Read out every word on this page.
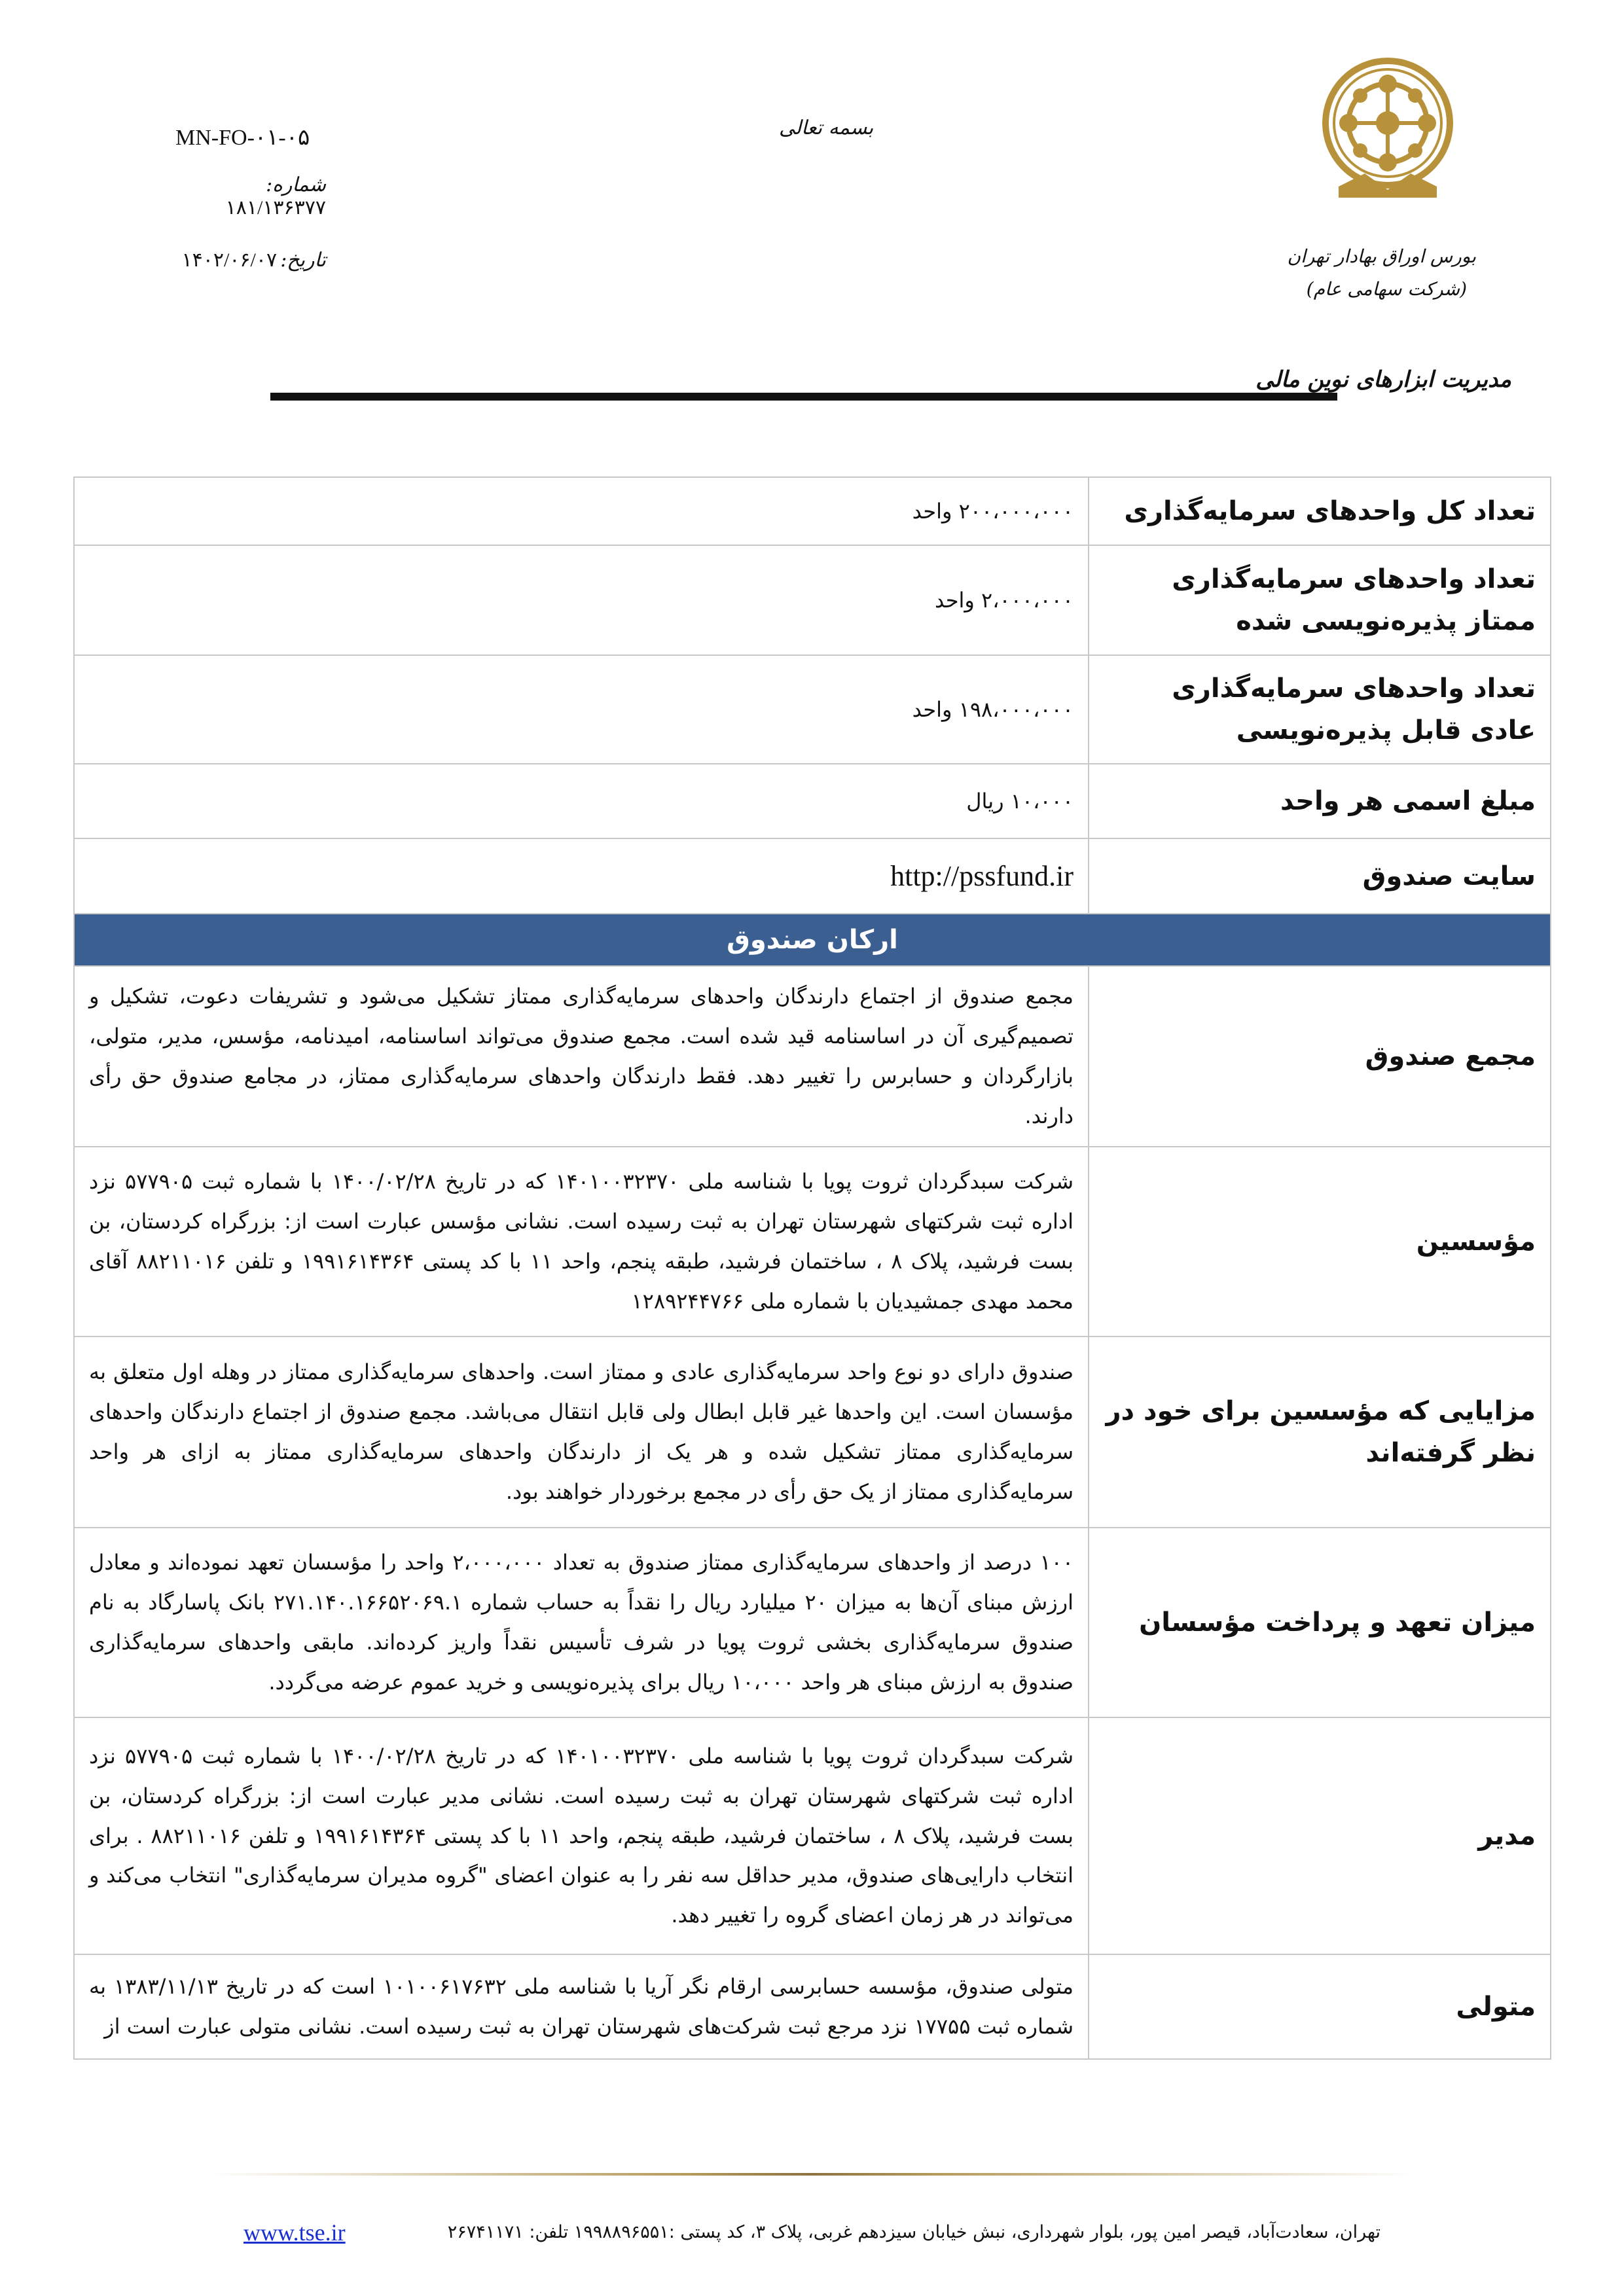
بسمه تعالی
MN-FO-۰۱-۰۵
شماره: ۱۸۱/۱۳۶۳۷۷
تاریخ: ۱۴۰۲/۰۶/۰۷	بورس اوراق بهادار تهران
(شرکت سهامی عام)
مدیریت ابزارهای نوین مالی
تعداد کل واحدهای سرمایه‌گذاری	۲۰۰،۰۰۰،۰۰۰ واحد
تعداد واحدهای سرمایه‌گذاری ممتاز پذیره‌نویسی شده	۲،۰۰۰،۰۰۰ واحد
تعداد واحدهای سرمایه‌گذاری عادی قابل پذیره‌نویسی	۱۹۸،۰۰۰،۰۰۰ واحد
مبلغ اسمی هر واحد	۱۰،۰۰۰ ریال
سایت صندوق	http://pssfund.ir
ارکان صندوق	
مجمع صندوق	مجمع صندوق از اجتماع دارندگان واحدهای سرمایه‌گذاری ممتاز تشکیل می‌شود و تشریفات دعوت، تشکیل و تصمیم‌گیری آن در اساسنامه قید شده است. مجمع صندوق می‌تواند اساسنامه، امیدنامه، مؤسس، مدیر، متولی، بازارگردان و حسابرس را تغییر دهد. فقط دارندگان واحدهای سرمایه‌گذاری ممتاز، در مجامع صندوق حق رأی دارند.
مؤسسین	شرکت سبدگردان ثروت پویا با شناسه ملی ۱۴۰۱۰۰۳۲۳۷۰ که در تاریخ ۱۴۰۰/۰۲/۲۸ با شماره ثبت ۵۷۷۹۰۵ نزد اداره ثبت شرکتهای شهرستان تهران به ثبت رسیده است. نشانی مؤسس عبارت است از: بزرگراه کردستان، بن بست فرشید، پلاک ۸ ، ساختمان فرشید، طبقه پنجم، واحد ۱۱ با کد پستی ۱۹۹۱۶۱۴۳۶۴ و تلفن ۸۸۲۱۱۰۱۶ آقای محمد مهدی جمشیدیان با شماره ملی ۱۲۸۹۲۴۴۷۶۶
مزایایی که مؤسسین برای خود در نظر گرفته‌اند	صندوق دارای دو نوع واحد سرمایه‌گذاری عادی و ممتاز است. واحدهای سرمایه‌گذاری ممتاز در وهله اول متعلق به مؤسسان است. این واحدها غیر قابل ابطال ولی قابل انتقال می‌باشد. مجمع صندوق از اجتماع دارندگان واحدهای سرمایه‌گذاری ممتاز تشکیل شده و هر یک از دارندگان واحدهای سرمایه‌گذاری ممتاز به ازای هر واحد سرمایه‌گذاری ممتاز از یک حق رأی در مجمع برخوردار خواهند بود.
میزان تعهد و پرداخت مؤسسان	۱۰۰ درصد از واحدهای سرمایه‌گذاری ممتاز صندوق به تعداد ۲،۰۰۰،۰۰۰ واحد را مؤسسان تعهد نموده‌اند و معادل ارزش مبنای آن‌ها به میزان ۲۰ میلیارد ریال را نقداً به حساب شماره ۲۷۱.۱۴۰.۱۶۶۵۲۰۶۹.۱ بانک پاسارگاد به نام صندوق سرمایه‌گذاری بخشی ثروت پویا در شرف تأسیس نقداً واریز کرده‌اند. مابقی واحدهای سرمایه‌گذاری صندوق به ارزش مبنای هر واحد ۱۰،۰۰۰ ریال برای پذیره‌نویسی و خرید عموم عرضه می‌گردد.
مدیر	شرکت سبدگردان ثروت پویا با شناسه ملی ۱۴۰۱۰۰۳۲۳۷۰ که در تاریخ ۱۴۰۰/۰۲/۲۸ با شماره ثبت ۵۷۷۹۰۵ نزد اداره ثبت شرکتهای شهرستان تهران به ثبت رسیده است. نشانی مدیر عبارت است از: بزرگراه کردستان، بن بست فرشید، پلاک ۸ ، ساختمان فرشید، طبقه پنجم، واحد ۱۱ با کد پستی ۱۹۹۱۶۱۴۳۶۴ و تلفن ۸۸۲۱۱۰۱۶ . برای انتخاب دارایی‌های صندوق، مدیر حداقل سه نفر را به عنوان اعضای "گروه مدیران سرمایه‌گذاری" انتخاب می‌کند و می‌تواند در هر زمان اعضای گروه را تغییر دهد.
متولی	متولی صندوق، مؤسسه حسابرسی ارقام نگر آریا با شناسه ملی ۱۰۱۰۰۶۱۷۶۳۲ است که در تاریخ ۱۳۸۳/۱۱/۱۳ به شماره ثبت ۱۷۷۵۵ نزد مرجع ثبت شرکت‌های شهرستان تهران به ثبت رسیده است. نشانی متولی عبارت است از
تهران، سعادت‌آباد، قیصر امین پور، بلوار شهرداری، نبش خیابان سیزدهم غربی، پلاک ۳، کد پستی :۱۹۹۸۸۹۶۵۵۱ تلفن: ۲۶۷۴۱۱۷۱
www.tse.ir
